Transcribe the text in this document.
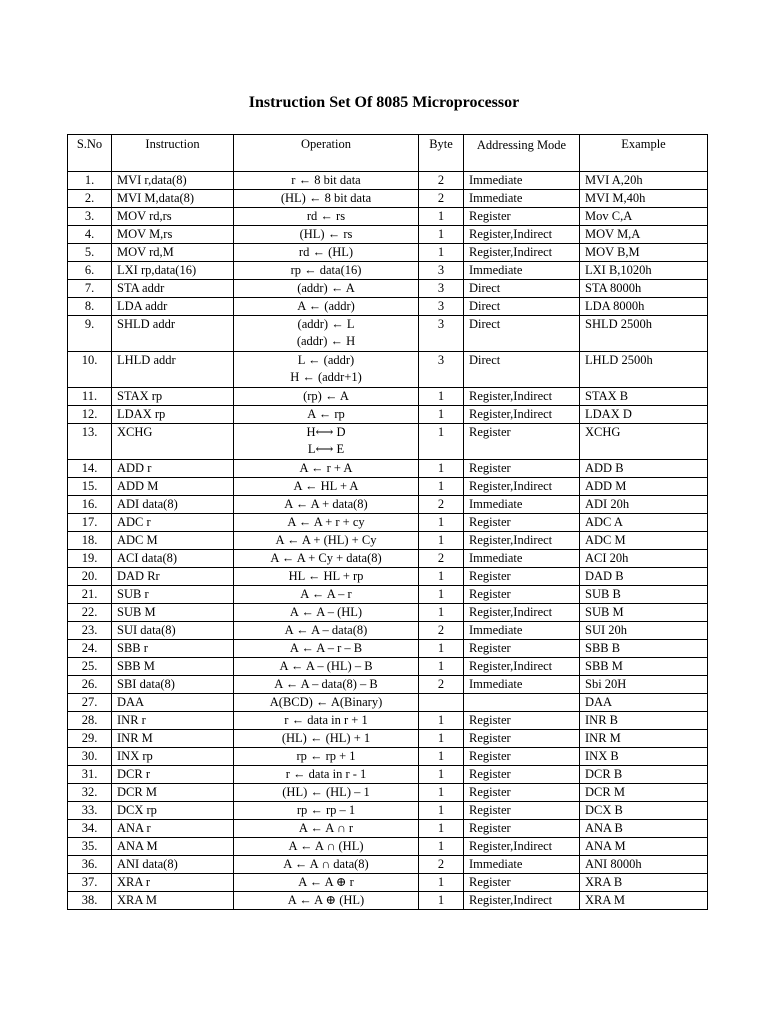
Instruction Set Of 8085 Microprocessor
S.No	Instruction	Operation	Byte	Addressing Mode	Example
1.	MVI r,data(8)	r ← 8 bit data	2	Immediate	MVI A,20h
2.	MVI M,data(8)	(HL) ← 8 bit data	2	Immediate	MVI M,40h
3.	MOV rd,rs	rd ← rs	1	Register	Mov C,A
4.	MOV M,rs	(HL) ← rs	1	Register,Indirect	MOV M,A
5.	MOV rd,M	rd ← (HL)	1	Register,Indirect	MOV B,M
6.	LXI rp,data(16)	rp ← data(16)	3	Immediate	LXI B,1020h
7.	STA addr	(addr) ← A	3	Direct	STA 8000h
8.	LDA addr	A ← (addr)	3	Direct	LDA 8000h
9.	SHLD addr	(addr) ← L
(addr) ← H	3	Direct	SHLD 2500h
10.	LHLD addr	L ← (addr)
H ← (addr+1)	3	Direct	LHLD 2500h
11.	STAX rp	(rp) ← A	1	Register,Indirect	STAX B
12.	LDAX rp	A ← rp	1	Register,Indirect	LDAX D
13.	XCHG	H⟷ D
L⟷ E	1	Register	XCHG
14.	ADD r	A ← r + A	1	Register	ADD B
15.	ADD M	A ← HL + A	1	Register,Indirect	ADD M
16.	ADI data(8)	A ← A + data(8)	2	Immediate	ADI 20h
17.	ADC r	A ← A + r + cy	1	Register	ADC A
18.	ADC M	A ← A + (HL) + Cy	1	Register,Indirect	ADC M
19.	ACI data(8)	A ← A + Cy + data(8)	2	Immediate	ACI 20h
20.	DAD Rr	HL ← HL + rp	1	Register	DAD B
21.	SUB r	A ← A – r	1	Register	SUB B
22.	SUB M	A ← A – (HL)	1	Register,Indirect	SUB M
23.	SUI data(8)	A ← A – data(8)	2	Immediate	SUI 20h
24.	SBB r	A ← A – r – B	1	Register	SBB B
25.	SBB M	A ← A – (HL) – B	1	Register,Indirect	SBB M
26.	SBI data(8)	A ← A – data(8) – B	2	Immediate	Sbi 20H
27.	DAA	A(BCD) ← A(Binary)			DAA
28.	INR r	r ← data in r + 1	1	Register	INR B
29.	INR M	(HL) ← (HL) + 1	1	Register	INR M
30.	INX rp	rp ← rp + 1	1	Register	INX B
31.	DCR r	r ← data in r - 1	1	Register	DCR B
32.	DCR M	(HL) ← (HL) – 1	1	Register	DCR M
33.	DCX rp	rp ← rp – 1	1	Register	DCX B
34.	ANA r	A ← A ∩ r	1	Register	ANA B
35.	ANA M	A ← A ∩ (HL)	1	Register,Indirect	ANA M
36.	ANI data(8)	A ← A ∩ data(8)	2	Immediate	ANI 8000h
37.	XRA r	A ← A ⊕ r	1	Register	XRA B
38.	XRA M	A ← A ⊕ (HL)	1	Register,Indirect	XRA M
